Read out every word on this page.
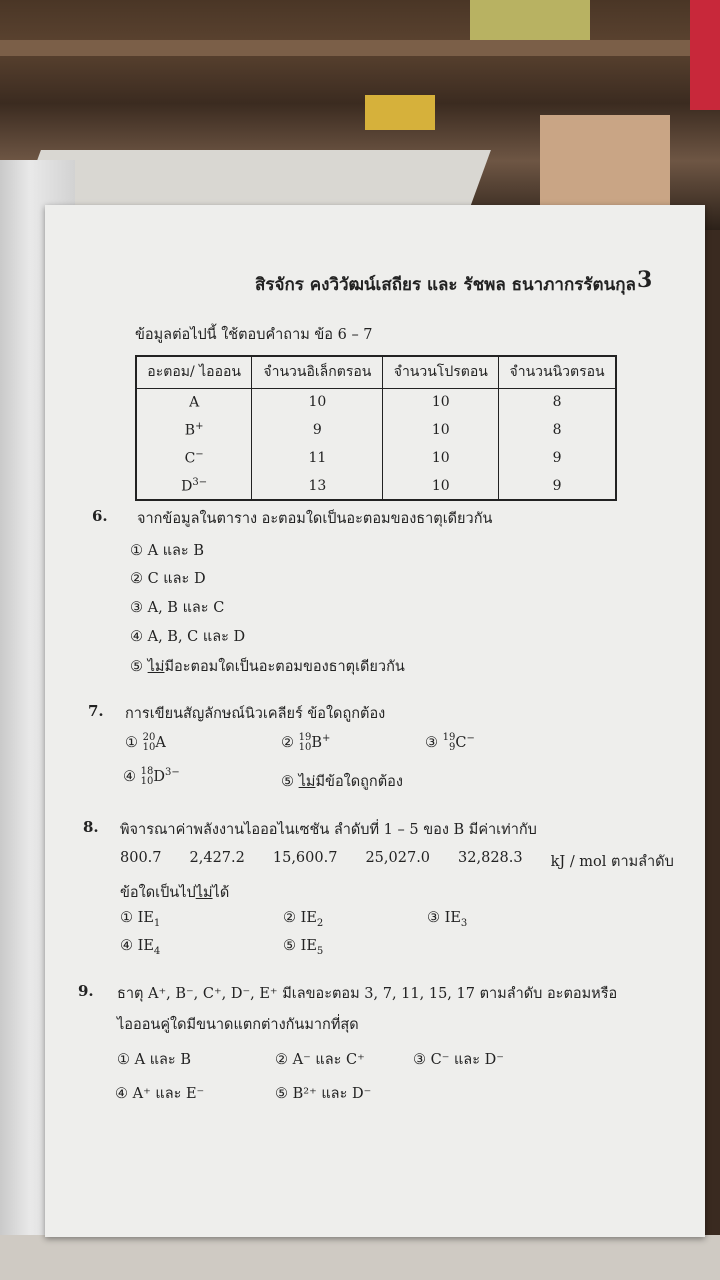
สิรจักร คงวิวัฒน์เสถียร และ รัชพล ธนาภากรรัตนกุล 3
ข้อมูลต่อไปนี้ ใช้ตอบคำถาม ข้อ 6 – 7
อะตอม/ ไอออน	จำนวนอิเล็กตรอน	จำนวนโปรตอน	จำนวนนิวตรอน
A	10	10	8
B+	9	10	8
C−	11	10	9
$D^{3-}$	13	10	9
6. จากข้อมูลในตาราง อะตอมใดเป็นอะตอมของธาตุเดียวกัน
① A และ B
② C และ D
③ A, B และ C
④ A, B, C และ D
⑤ ไม่มีอะตอมใดเป็นอะตอมของธาตุเดียวกัน
7. การเขียนสัญลักษณ์นิวเคลียร์ ข้อใดถูกต้อง
① 20
10 A	② 19
10 B+	③ 19
9 C−
④ 18
10 $D^{3-}$
⑤ ไม่มีข้อใดถูกต้อง
8. พิจารณาค่าพลังงานไอออไนเซชัน ลำดับที่ 1 – 5 ของ B มีค่าเท่ากับ
800.7 2,427.2 15,600.7 25,027.0 32,828.3 kJ / mol ตามลำดับ
ข้อใดเป็นไปไม่ได้
① $IE_1$	② $IE_2$	③ $IE_3$
④ $IE_4$	⑤ $IE_5$
9. ธาตุ A⁺, B⁻, C⁺, D⁻, E⁺ มีเลขอะตอม 3, 7, 11, 15, 17 ตามลำดับ อะตอมหรือ
ไอออนคู่ใดมีขนาดแตกต่างกันมากที่สุด
① A และ B	② A⁻ และ C⁺	③ C⁻ และ D⁻
④ A⁺ และ E⁻	⑤ B²⁺ และ D⁻
